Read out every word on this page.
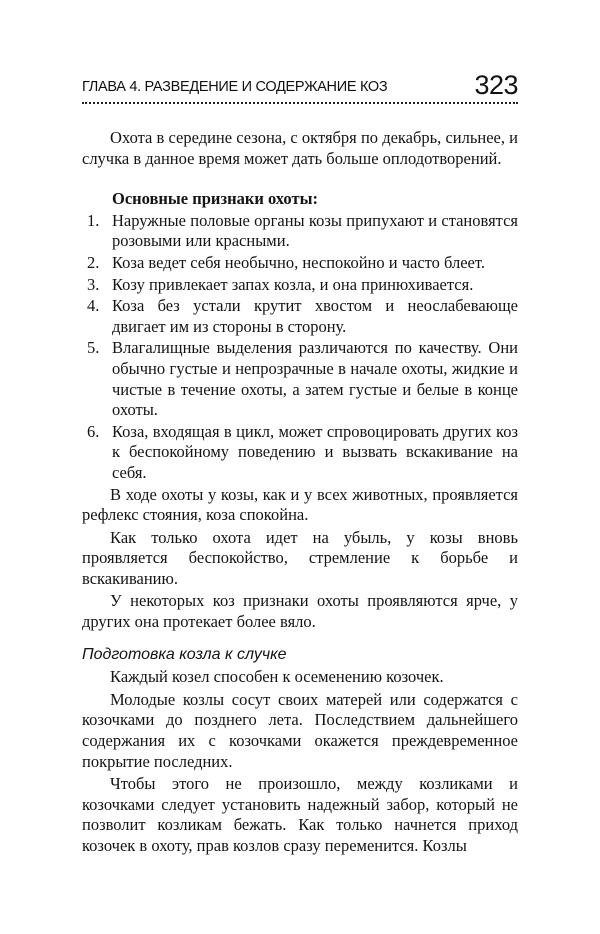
ГЛАВА 4. РАЗВЕДЕНИЕ И СОДЕРЖАНИЕ КОЗ	323

Охота в середине сезона, с октября по декабрь, сильнее, и случка в данное время может дать больше оплодотворений.

Основные признаки охоты:
1. Наружные половые органы козы припухают и становятся розовыми или красными.
2. Коза ведет себя необычно, неспокойно и часто блеет.
3. Козу привлекает запах козла, и она принюхивается.
4. Коза без устали крутит хвостом и неослабевающе двигает им из стороны в сторону.
5. Влагалищные выделения различаются по качеству. Они обычно густые и непрозрачные в начале охоты, жидкие и чистые в течение охоты, а затем густые и белые в конце охоты.
6. Коза, входящая в цикл, может спровоцировать других коз к беспокойному поведению и вызвать вскакивание на себя.

В ходе охоты у козы, как и у всех животных, проявляется рефлекс стояния, коза спокойна.

Как только охота идет на убыль, у козы вновь проявляется беспокойство, стремление к борьбе и вскакиванию.

У некоторых коз признаки охоты проявляются ярче, у других она протекает более вяло.

Подготовка козла к случке

Каждый козел способен к осеменению козочек.

Молодые козлы сосут своих матерей или содержатся с козочками до позднего лета. Последствием дальнейшего содержания их с козочками окажется преждевременное покрытие последних.

Чтобы этого не произошло, между козликами и козочками следует установить надежный забор, который не позволит козликам бежать. Как только начнется приход козочек в охоту, прав козлов сразу переменится. Козлы
